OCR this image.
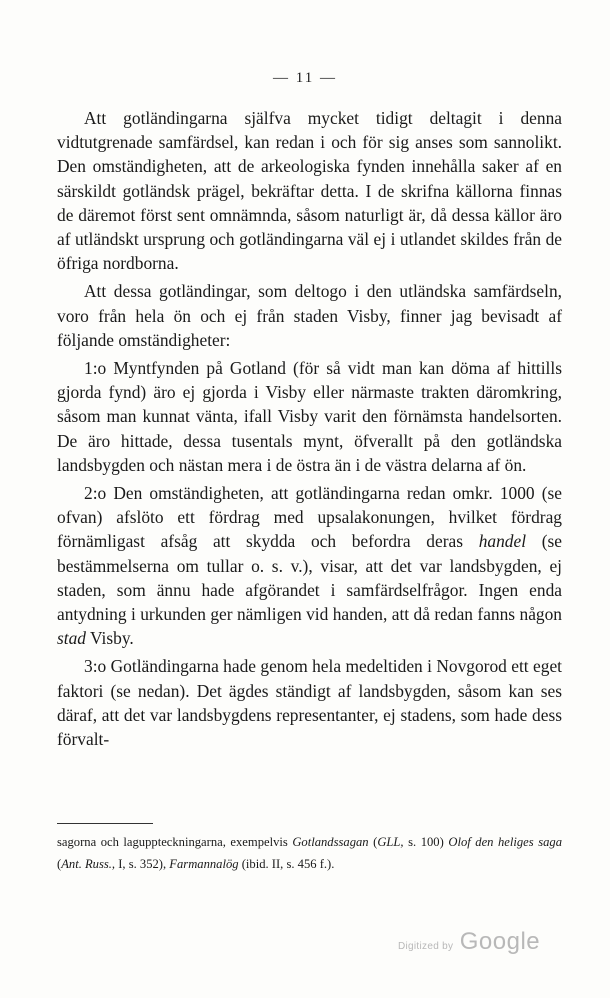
— 11 —

Att gotländingarna själfva mycket tidigt deltagit i denna vidtutgrenade samfärdsel, kan redan i och för sig anses som sannolikt. Den omständigheten, att de arkeologiska fynden innehålla saker af en särskildt gotländsk prägel, bekräftar detta. I de skrifna källorna finnas de däremot först sent omnämnda, såsom naturligt är, då dessa källor äro af utländskt ursprung och gotländingarna väl ej i utlandet skildes från de öfriga nordborna.

Att dessa gotländingar, som deltogo i den utländska samfärdseln, voro från hela ön och ej från staden Visby, finner jag bevisadt af följande omständigheter:

1:o Myntfynden på Gotland (för så vidt man kan döma af hittills gjorda fynd) äro ej gjorda i Visby eller närmaste trakten däromkring, såsom man kunnat vänta, ifall Visby varit den förnämsta handelsorten. De äro hittade, dessa tusentals mynt, öfverallt på den gotländska landsbygden och nästan mera i de östra än i de västra delarna af ön.

2:o Den omständigheten, att gotländingarna redan omkr. 1000 (se ofvan) afslöto ett fördrag med upsalakonungen, hvilket fördrag förnämligast afsåg att skydda och befordra deras handel (se bestämmelserna om tullar o. s. v.), visar, att det var landsbygden, ej staden, som ännu hade afgörandet i samfärdselfrågor. Ingen enda antydning i urkunden ger nämligen vid handen, att då redan fanns någon stad Visby.

3:o Gotländingarna hade genom hela medeltiden i Novgorod ett eget faktori (se nedan). Det ägdes ständigt af landsbygden, såsom kan ses däraf, att det var landsbygdens representanter, ej stadens, som hade dess förvalt-

sagorna och laguppteckningarna, exempelvis Gotlandssagan (GLL, s. 100) Olof den heliges saga (Ant. Russ., I, s. 352), Farmannalög (ibid. II, s. 456 f.).

Digitized by Google
